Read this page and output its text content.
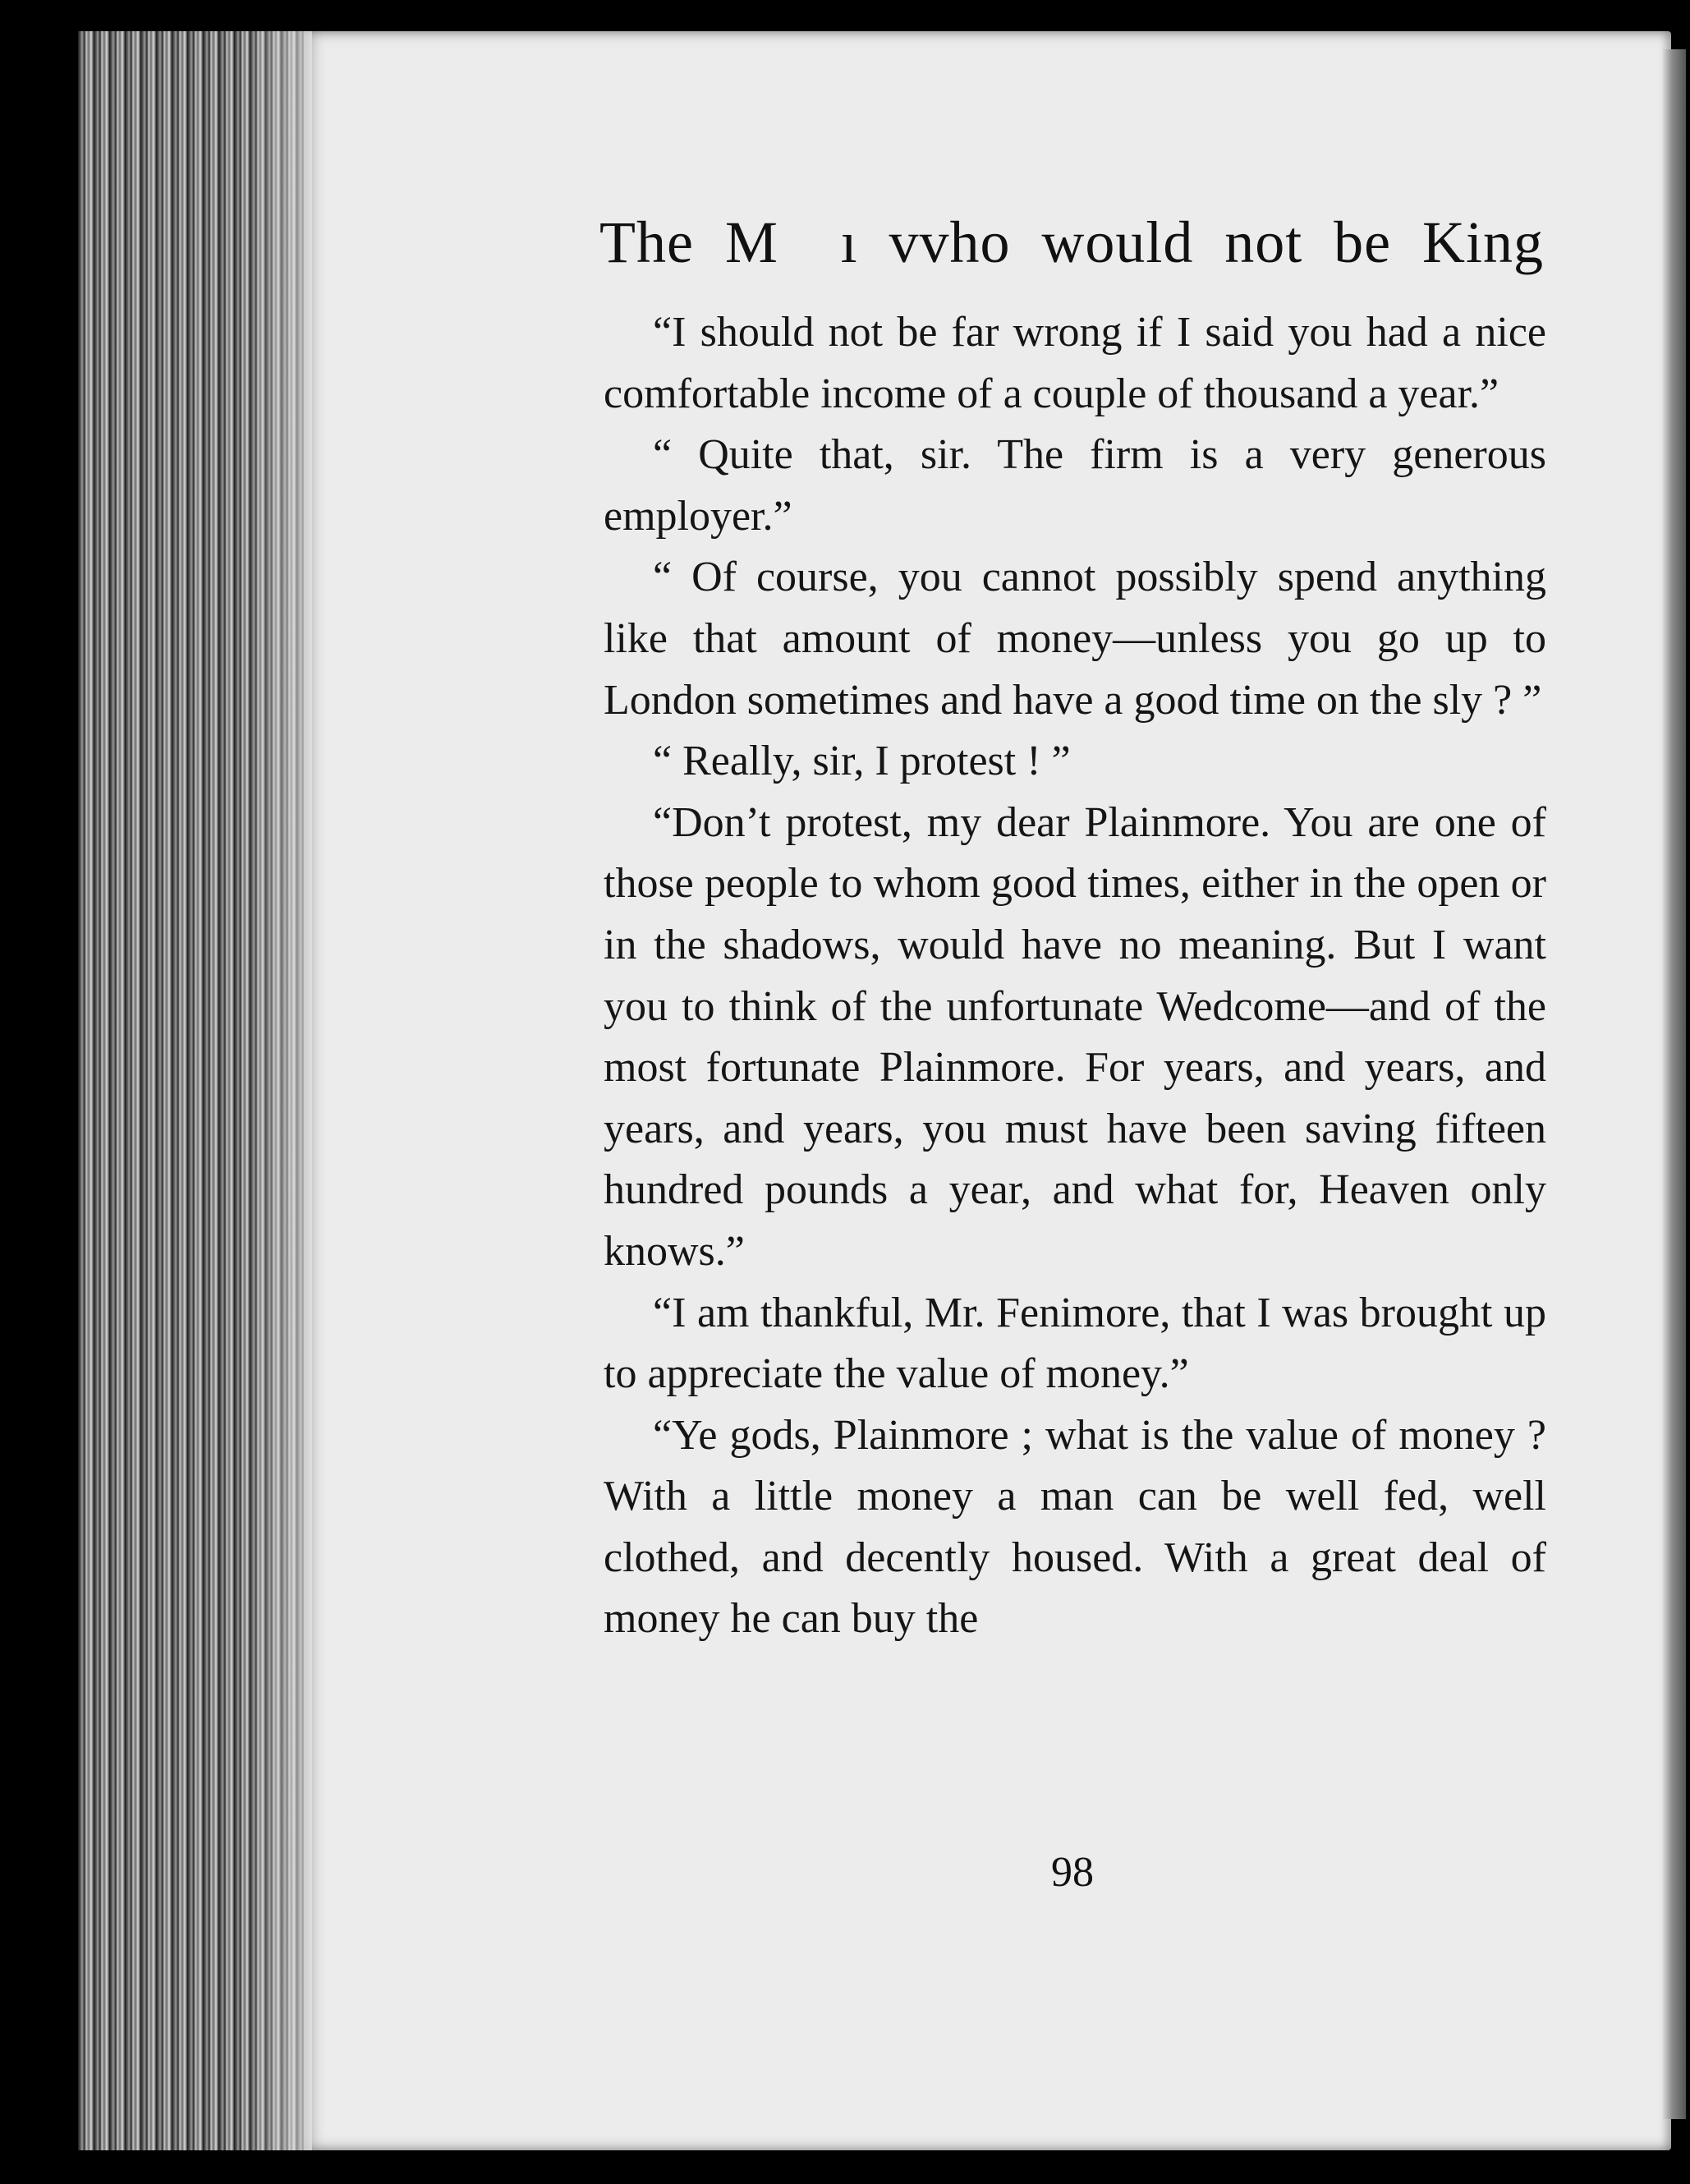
The M  ı ᴠᴠho would not be King

“I should not be far wrong if I said you had a nice comfortable income of a couple of thousand a year.”

“ Quite that, sir. The firm is a very generous employer.”

“ Of course, you cannot possibly spend anything like that amount of money—unless you go up to London sometimes and have a good time on the sly ? ”

“ Really, sir, I protest ! ”

“Don’t protest, my dear Plainmore. You are one of those people to whom good times, either in the open or in the shadows, would have no meaning. But I want you to think of the unfortunate Wedcome—and of the most fortunate Plainmore. For years, and years, and years, and years, you must have been saving fifteen hundred pounds a year, and what for, Heaven only knows.”

“I am thankful, Mr. Fenimore, that I was brought up to appreciate the value of money.”

“Ye gods, Plainmore ; what is the value of money ? With a little money a man can be well fed, well clothed, and decently housed. With a great deal of money he can buy the

98
